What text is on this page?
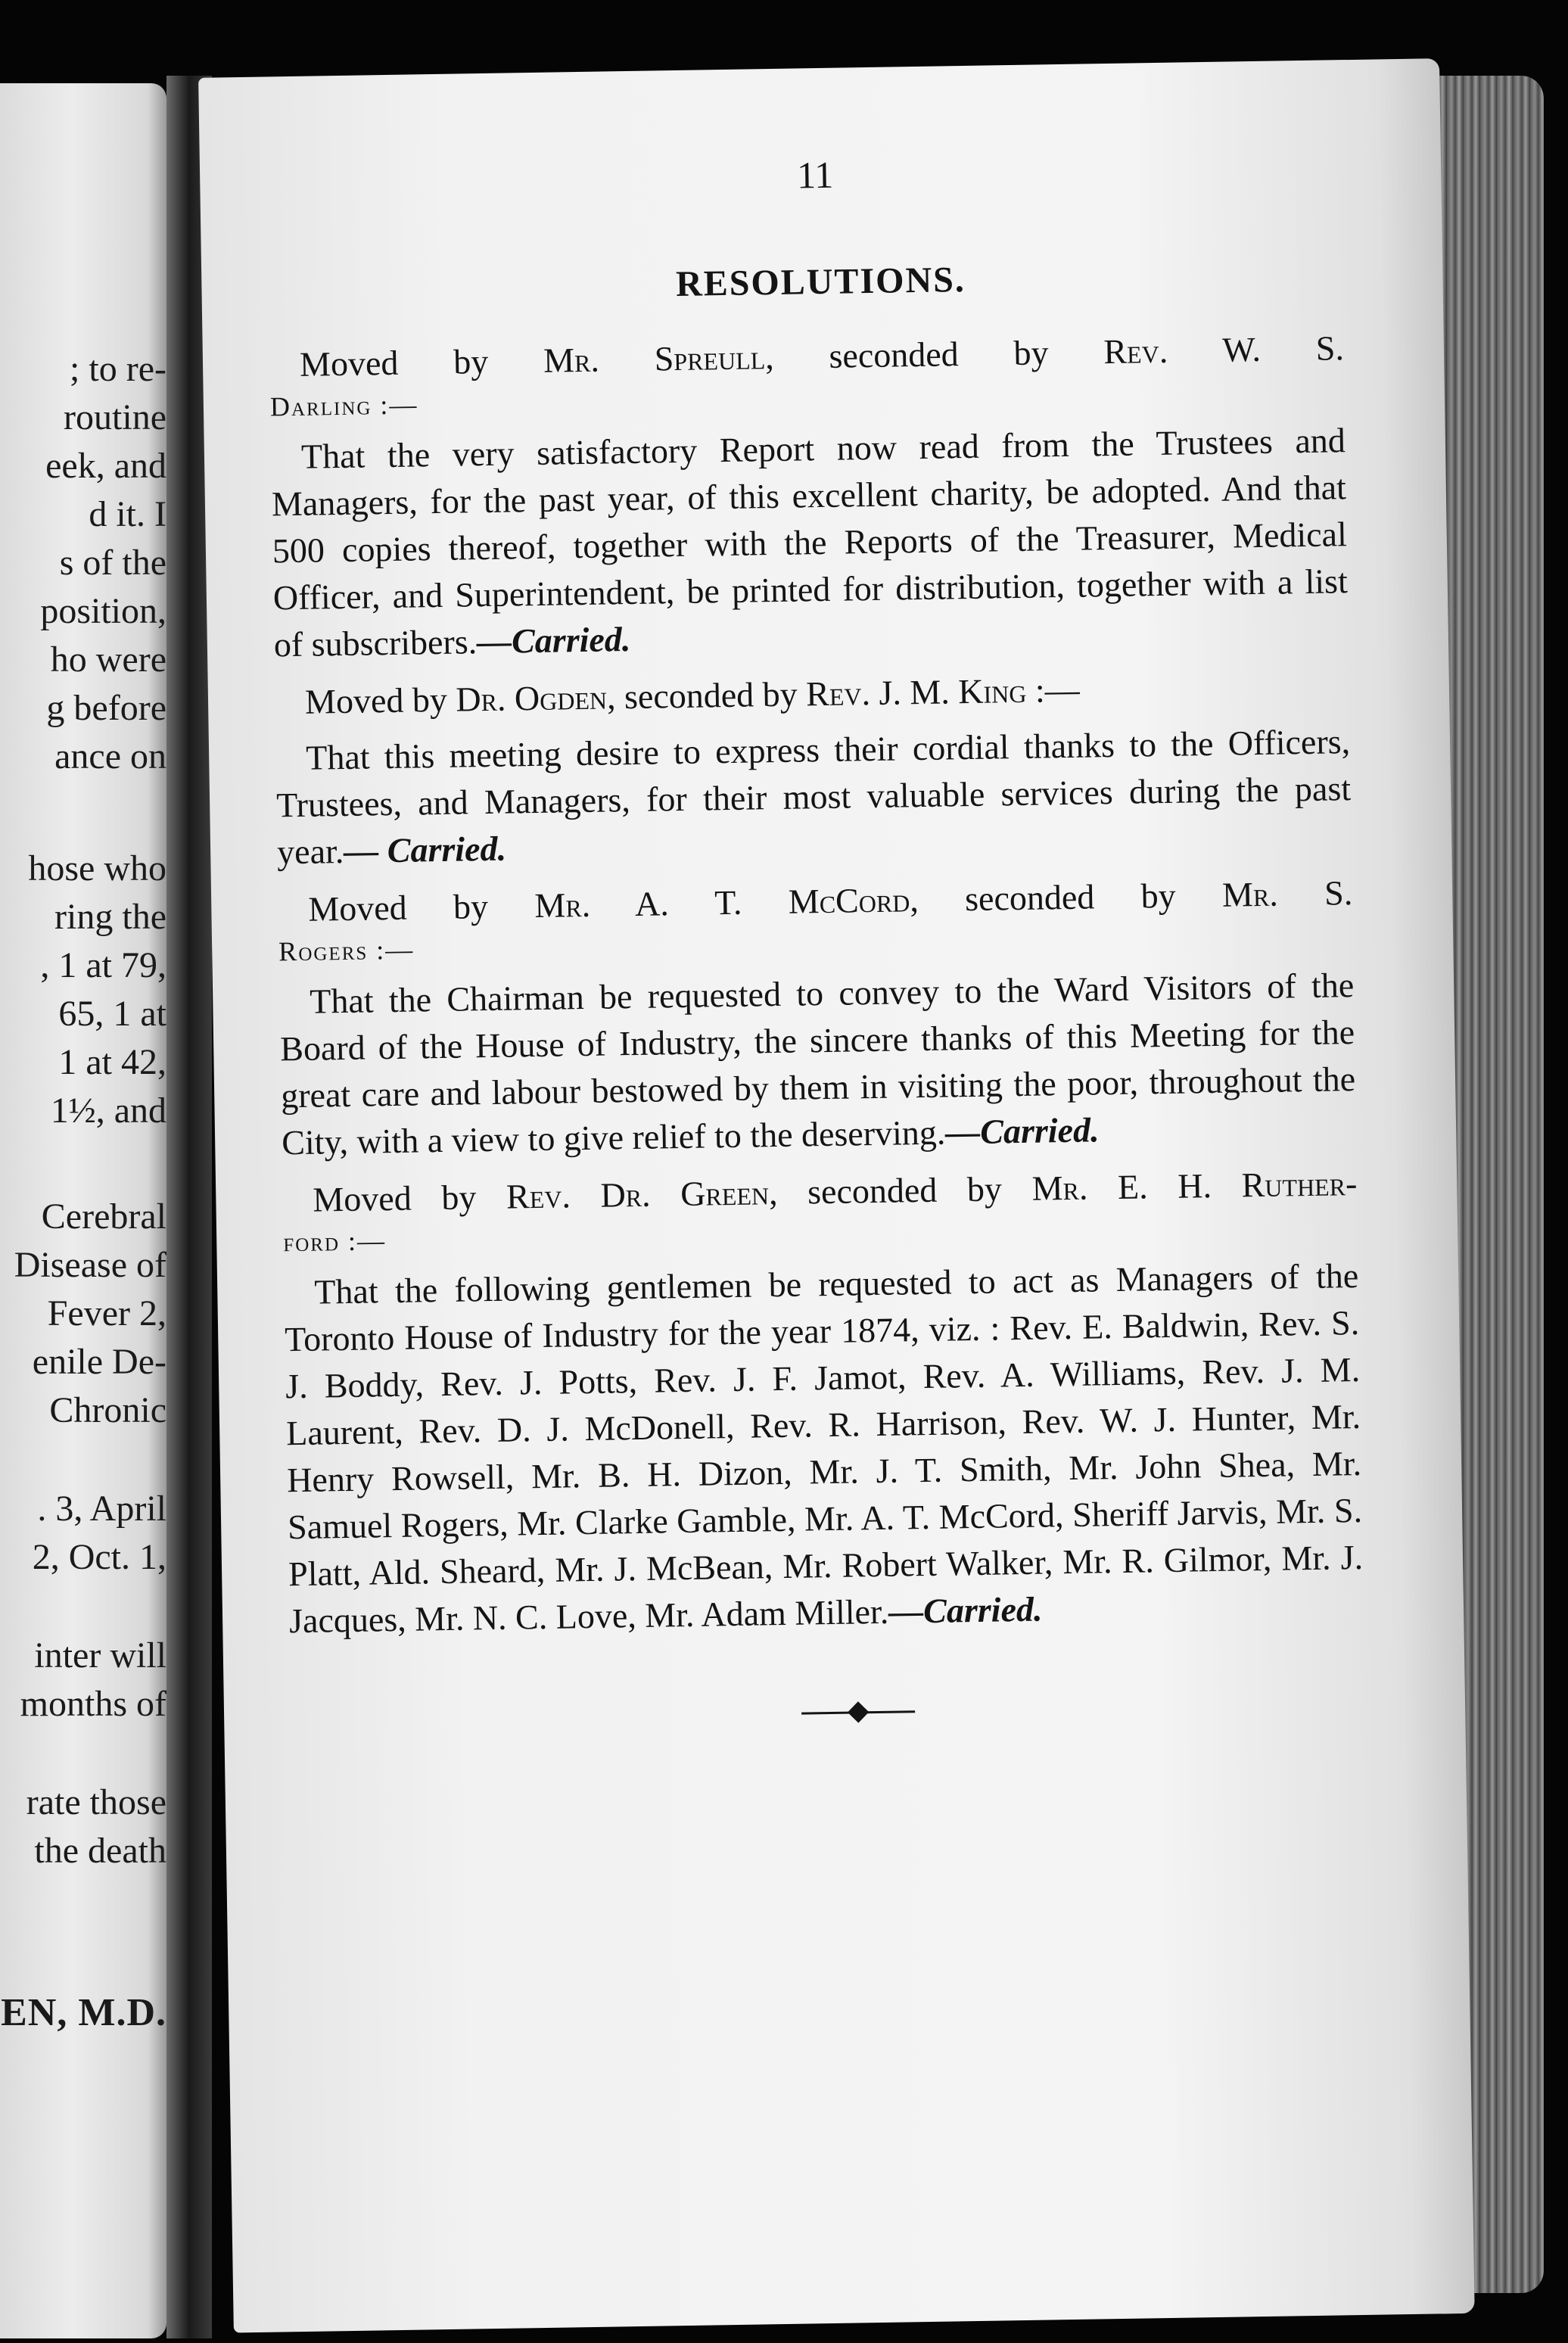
; to re-
routine
eek, and
d it. I
s of the
position,
ho were
g before
ance on
hose who
ring the
, 1 at 79,
65, 1 at
1 at 42,
1½, and
Cerebral
Disease of
Fever 2,
enile De-
Chronic
. 3, April
2, Oct. 1,
inter will
months of
rate those
the death
EN, M.D.
11
RESOLUTIONS.

Moved by Mr. Spreull, seconded by Rev. W. S.

Darling :—

That the very satisfactory Report now read from the Trustees and Managers, for the past year, of this excellent charity, be adopted. And that 500 copies thereof, together with the Reports of the Treasurer, Medical Officer, and Superintendent, be printed for distribution, together with a list of subscribers.—Carried.

Moved by Dr. Ogden, seconded by Rev. J. M. King :—

That this meeting desire to express their cordial thanks to the Officers, Trustees, and Managers, for their most valuable services during the past year.— Carried.

Moved by Mr. A. T. McCord, seconded by Mr. S.

Rogers :—

That the Chairman be requested to convey to the Ward Visitors of the Board of the House of Industry, the sincere thanks of this Meeting for the great care and labour bestowed by them in visiting the poor, throughout the City, with a view to give relief to the deserving.—Carried.

Moved by Rev. Dr. Green, seconded by Mr. E. H. Ruther-

ford :—

That the following gentlemen be requested to act as Managers of the Toronto House of Industry for the year 1874, viz. : Rev. E. Baldwin, Rev. S. J. Boddy, Rev. J. Potts, Rev. J. F. Jamot, Rev. A. Williams, Rev. J. M. Laurent, Rev. D. J. McDonell, Rev. R. Harrison, Rev. W. J. Hunter, Mr. Henry Rowsell, Mr. B. H. Dizon, Mr. J. T. Smith, Mr. John Shea, Mr. Samuel Rogers, Mr. Clarke Gamble, Mr. A. T. McCord, Sheriff Jarvis, Mr. S. Platt, Ald. Sheard, Mr. J. McBean, Mr. Robert Walker, Mr. R. Gilmor, Mr. J. Jacques, Mr. N. C. Love, Mr. Adam Miller.—Carried.
